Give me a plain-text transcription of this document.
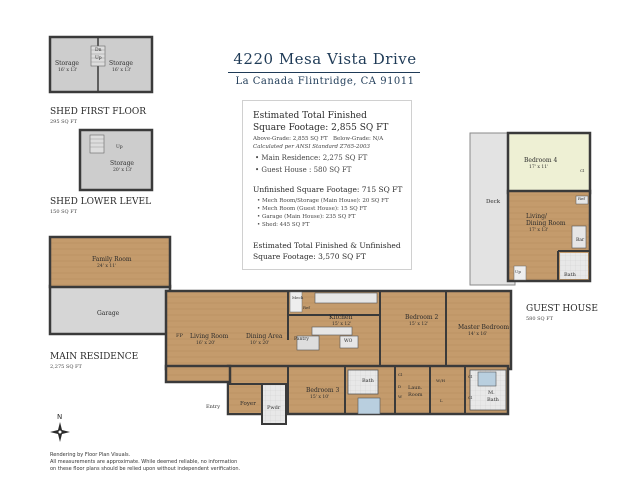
4220 Mesa Vista Drive
La Canada Flintridge, CA 91011
Estimated Total Finished
Square Footage: 2,855 SQ FT
Above-Grade: 2,855 SQ FT Below-Grade: N/A
Calculated per ANSI Standard Z765-2003
• Main Residence: 2,275 SQ FT
• Guest House : 580 SQ FT
Unfinished Square Footage: 715 SQ FT
• Mech Room/Storage (Main House): 20 SQ FT
• Mech Room (Guest House): 15 SQ FT
• Garage (Main House): 235 SQ FT
• Shed: 445 SQ FT
Estimated Total Finished & Unfinished
Square Footage: 3,570 SQ FT
SHED FIRST FLOOR
295 SQ FT
SHED LOWER LEVEL
150 SQ FT
MAIN RESIDENCE
2,275 SQ FT
GUEST HOUSE
580 SQ FT
Storage
16' x 13'
Storage
16' x 13'
Dn
Up
Storage
20' x 13'
Up
Family Room
24' x 11'
Garage
FP Living Room
16' x 20'
Dining Area
10' x 20'
Kitchen
15' x 12'
Mech
Ref
Pantry	WO
Bedroom 2
15' x 12'	Master Bedroom
14' x 16'
Bedroom 3
15' x 10'
Bath
Laun.
Room	M.
Bath
Cl
D
W
Cl
Cl
W/H
L
Foyer
Pwdr
Entry
Bedroom 4
17' x 11'
Cl
Ref
Deck
Living/
Dining Room
17' x 13'
Bar
Bath
Up
N
Rendering by Floor Plan Visuals.
All measurements are approximate. While deemed reliable, no information
on these floor plans should be relied upon without independent verification.
